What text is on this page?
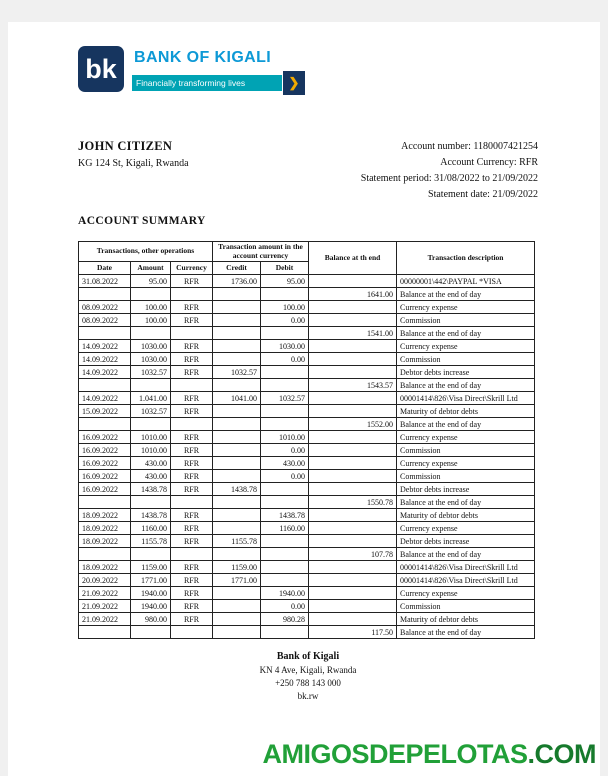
bk BANK OF KIGALI
Financially transforming lives	❯
JOHN CITIZEN
KG 124 St, Kigali, Rwanda
Account number: 1180007421254
Account Currency: RFR
Statement period: 31/08/2022 to 21/09/2022
Statement date: 21/09/2022
ACCOUNT SUMMARY
Transactions, other operations			Transaction amount in the account currency		Balance at th end	Transaction description
Date	Amount	Currency	Credit	Debit		
31.08.2022	95.00	RFR	1736.00	95.00		00000001\442\PAYPAL *VISA
					1641.00	Balance at the end of day
08.09.2022	100.00	RFR		100.00		Currency expense
08.09.2022	100.00	RFR		0.00		Commission
					1541.00	Balance at the end of day
14.09.2022	1030.00	RFR		1030.00		Currency expense
14.09.2022	1030.00	RFR		0.00		Commission
14.09.2022	1032.57	RFR	1032.57			Debtor debts increase
					1543.57	Balance at the end of day
14.09.2022	1.041.00	RFR	1041.00	1032.57		00001414\826\Visa Direct\Skrill Ltd
15.09.2022	1032.57	RFR				Maturity of debtor debts
					1552.00	Balance at the end of day
16.09.2022	1010.00	RFR		1010.00		Currency expense
16.09.2022	1010.00	RFR		0.00		Commission
16.09.2022	430.00	RFR		430.00		Currency expense
16.09.2022	430.00	RFR		0.00		Commission
16.09.2022	1438.78	RFR	1438.78			Debtor debts increase
					1550.78	Balance at the end of day
18.09.2022	1438.78	RFR		1438.78		Maturity of debtor debts
18.09.2022	1160.00	RFR		1160.00		Currency expense
18.09.2022	1155.78	RFR	1155.78			Debtor debts increase
					107.78	Balance at the end of day
18.09.2022	1159.00	RFR	1159.00			00001414\826\Visa Direct\Skrill Ltd
20.09.2022	1771.00	RFR	1771.00			00001414\826\Visa Direct\Skrill Ltd
21.09.2022	1940.00	RFR		1940.00		Currency expense
21.09.2022	1940.00	RFR		0.00		Commission
21.09.2022	980.00	RFR		980.28		Maturity of debtor debts
					117.50	Balance at the end of day
Bank of Kigali
KN 4 Ave, Kigali, Rwanda
+250 788 143 000
bk.rw
AMIGOSDEPELOTAS.COM
